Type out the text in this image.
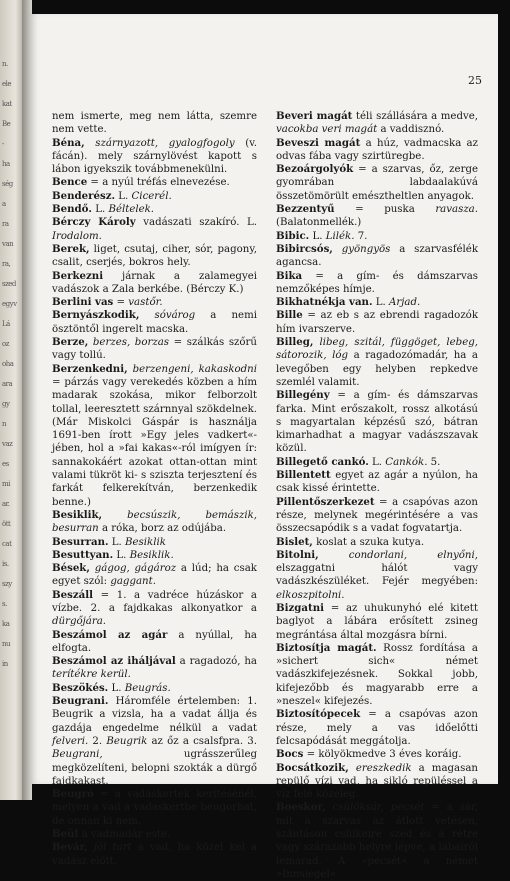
n.
ele
kat
Be
-
ha
ség
a
ra
van
ra,
szed
egyv
Lá
oz
oha
ara
gy
n
vaz
es
mi
ar.
ött
cat
is.
szy
s.
ka
nu
in
25

nem ismerte, meg nem látta, szemre nem vette.

Béna, szárnyazott, gyalogfogoly (v. fácán). mely szárnylövést kapott s lábon igyekszik továbbmenekülni.

Bence = a nyúl tréfás elnevezése.

Benderész. L. Cicerél.

Bendő. L. Béltelek.

Bérczy Károly vadászati szakíró. L. Irodalom.

Berek, liget, csutaj, ciher, sór, pagony, csalit, cserjés, bokros hely.

Berkezni járnak a zalamegyei vadászok a Zala berkébe. (Bérczy K.)

Berlini vas = vastőr.

Bernyászkodik, sóvárog a nemi ösztöntől ingerelt macska.

Berze, berzes, borzas = szálkás szőrű vagy tollú.

Berzenkedni, berzengeni, kakaskodni = párzás vagy verekedés közben a hím madarak szokása, mikor felborzolt tollal, leeresztett szárnnyal szökdelnek. (Már Miskolci Gáspár is használja 1691-ben írott »Egy jeles vadkert«-jében, hol a »fai kakas«-ról imígyen ír: sannakokáért azokat ottan-ottan mint valami tükröt ki- s sziszta terjesztení és farkát felkerekítván, berzenkedik benne.)

Besiklik, becsúszik, bemászik, besurran a róka, borz az odújába.

Besurran. L. Besiklik

Besuttyan. L. Besiklik.

Bések, gágog, gágároz a lúd; ha csak egyet szól: gaggant.

Beszáll = 1. a vadréce húzáskor a vízbe. 2. a fajdkakas alkonyatkor a dürgőjára.

Beszámol az agár a nyúllal, ha elfogta.

Beszámol az iháljával a ragadozó, ha terítékre kerül.

Beszökés. L. Beugrás.

Beugrani. Háromféle értelemben: 1. Beugrik a vizsla, ha a vadat állja és gazdája engedelme nélkül a vadat felveri. 2. Beugrik az őz a csalsfpra. 3. Beugrani, ugrásszerűleg megközelíteni, belopni szokták a dürgő fajdkakast.

Beugró = a vadaskertek kerítésénél, melyen a vad a vadaskertbe beugorhat, de onnan ki nem.

Beül a vadmadár este.

Bevár, jól tart a vad, ha közel kel a vadász előtt.

Beveri magát téli szállására a medve, vacokba veri magát a vaddisznó.

Beveszi magát a húz, vadmacska az odvas fába vagy szirtüregbe.

Bezoárgolyók = a szarvas, őz, zerge gyomrában labdaalakúvá összetömörült emésztheltlen anyagok.

Bezzentyű = puska ravasza. (Balatonmellék.)

Bibic. L. Lilék. 7.

Bibircsós, gyöngyös a szarvasfélék agancsa.

Bika = a gím- és dámszarvas nemzőképes hímje.

Bikhatnékja van. L. Arjad.

Bille = az eb s az ebrendi ragadozók hím ivarszerve.

Billeg, libeg, szitál, függöget, lebeg, sátorozik, lóg a ragadozómadár, ha a levegőben egy helyben repkedve szemlél valamit.

Billegény = a gím- és dámszarvas farka. Mint erőszakolt, rossz alkotású s magyartalan képzésű szó, bátran kimarhadhat a magyar vadászszavak közül.

Billegető cankó. L. Cankók. 5.

Billentett egyet az agár a nyúlon, ha csak kissé érintette.

Pillentőszerkezet = a csapóvas azon része, melynek megérintésére a vas összecsapódik s a vadat fogvatartja.

Bislet, koslat a szuka kutya.

Bitolni, condorlani, elnyőni, elszaggatni hálót vagy vadászkészüléket. Fejér megyében: elkoszpitolni.

Bizgatni = az uhukunyhó elé kitett baglyot a lábára erősített zsineg megrántása által mozgásra bírni.

Biztosítja magát. Rossz fordítása a »sichert sich« német vadászkifejezésnek. Sokkal jobb, kifejezőbb és magyarabb erre a »neszel« kifejezés.

Biztosítópecek = a csapóvas azon része, mely a vas időelőtti felcsapódását meggátolja.

Bocs = kölyökmedve 3 éves koráig.

Bocsátkozik, ereszkedik a magasan repülő vízi vad, ha sikló repüléssel a víz felé közeleg.

Boeskor, csülöksár, pecsét = a sár, mit a szarvas az átlott vetésen, szántáson csülkeire szed és a rétre vagy szárazabb helyre lépve, a lábairól lemarad. A »pecsét« a német »Innsiegel«
